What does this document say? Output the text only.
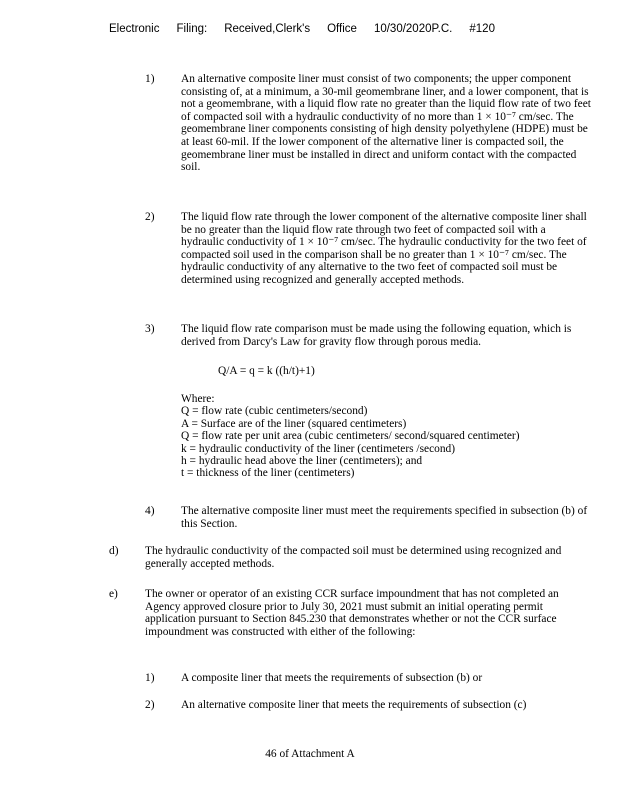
Electronic Filing: Received,Clerk's Office 10/30/2020P.C. #120
1) An alternative composite liner must consist of two components; the upper component consisting of, at a minimum, a 30-mil geomembrane liner, and a lower component, that is not a geomembrane, with a liquid flow rate no greater than the liquid flow rate of two feet of compacted soil with a hydraulic conductivity of no more than 1 × 10⁻⁷ cm/sec. The geomembrane liner components consisting of high density polyethylene (HDPE) must be at least 60-mil. If the lower component of the alternative liner is compacted soil, the geomembrane liner must be installed in direct and uniform contact with the compacted soil.

2) The liquid flow rate through the lower component of the alternative composite liner shall be no greater than the liquid flow rate through two feet of compacted soil with a hydraulic conductivity of 1 × 10⁻⁷ cm/sec. The hydraulic conductivity for the two feet of compacted soil used in the comparison shall be no greater than 1 × 10⁻⁷ cm/sec. The hydraulic conductivity of any alternative to the two feet of compacted soil must be determined using recognized and generally accepted methods.

3) The liquid flow rate comparison must be made using the following equation, which is derived from Darcy's Law for gravity flow through porous media.

Q/A = q = k ((h/t)+1)

Where:

Q = flow rate (cubic centimeters/second)

A = Surface are of the liner (squared centimeters)

Q = flow rate per unit area (cubic centimeters/ second/squared centimeter)

k = hydraulic conductivity of the liner (centimeters /second)

h = hydraulic head above the liner (centimeters); and

t = thickness of the liner (centimeters)

4) The alternative composite liner must meet the requirements specified in subsection (b) of this Section.

d) The hydraulic conductivity of the compacted soil must be determined using recognized and generally accepted methods.

e) The owner or operator of an existing CCR surface impoundment that has not completed an Agency approved closure prior to July 30, 2021 must submit an initial operating permit application pursuant to Section 845.230 that demonstrates whether or not the CCR surface impoundment was constructed with either of the following:

1) A composite liner that meets the requirements of subsection (b) or

2) An alternative composite liner that meets the requirements of subsection (c)

46 of Attachment A
